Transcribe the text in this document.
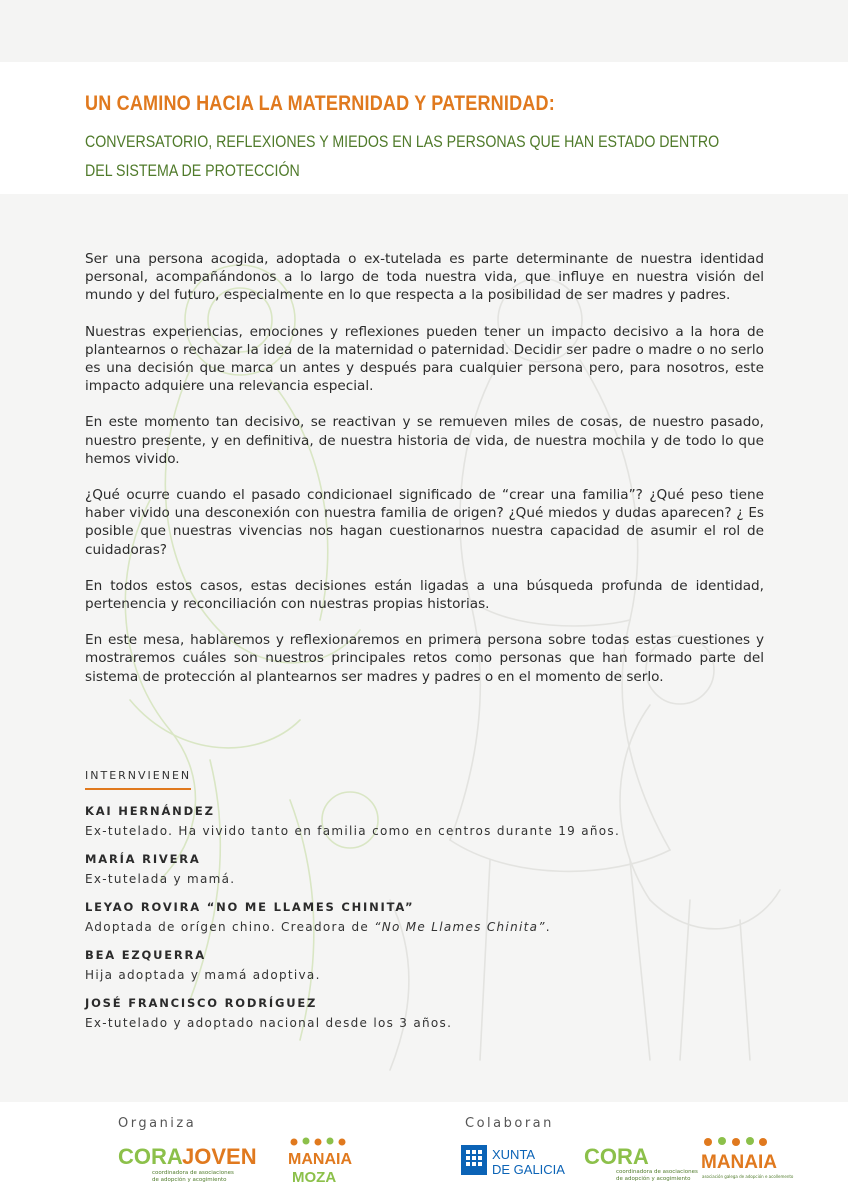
UN CAMINO HACIA LA MATERNIDAD Y PATERNIDAD:
CONVERSATORIO, REFLEXIONES Y MIEDOS EN LAS PERSONAS QUE HAN ESTADO DENTRO DEL SISTEMA DE PROTECCIÓN

Ser una persona acogida, adoptada o ex-tutelada es parte determinante de nuestra identidad personal, acompañándonos a lo largo de toda nuestra vida, que influye en nuestra visión del mundo y del futuro, especialmente en lo que respecta a la posibilidad de ser madres y padres.

Nuestras experiencias, emociones y reflexiones pueden tener un impacto decisivo a la hora de plantearnos o rechazar la idea de la maternidad o paternidad. Decidir ser padre o madre o no serlo es una decisión que marca un antes y después para cualquier persona pero, para nosotros, este impacto adquiere una relevancia especial.

En este momento tan decisivo, se reactivan y se remueven miles de cosas, de nuestro pasado, nuestro presente, y en definitiva, de nuestra historia de vida, de nuestra mochila y de todo lo que hemos vivido.

¿Qué ocurre cuando el pasado condicionael significado de “crear una familia”? ¿Qué peso tiene haber vivido una desconexión con nuestra familia de origen? ¿Qué miedos y dudas aparecen? ¿ Es posible que nuestras vivencias nos hagan cuestionarnos nuestra capacidad de asumir el rol de cuidadoras?

En todos estos casos, estas decisiones están ligadas a una búsqueda profunda de identidad, pertenencia y reconciliación con nuestras propias historias.

En este mesa, hablaremos y reflexionaremos en primera persona sobre todas estas cuestiones y mostraremos cuáles son nuestros principales retos como personas que han formado parte del sistema de protección al plantearnos ser madres y padres o en el momento de serlo.

INTERNVIENEN
KAI HERNÁNDEZ
Ex-tutelado. Ha vivido tanto en familia como en centros durante 19 años.
MARÍA RIVERA
Ex-tutelada y mamá.
LEYAO ROVIRA “NO ME LLAMES CHINITA”
Adoptada de orígen chino. Creadora de “No Me Llames Chinita”.
BEA EZQUERRA
Hija adoptada y mamá adoptiva.
JOSÉ FRANCISCO RODRÍGUEZ
Ex-tutelado y adoptado nacional desde los 3 años.
Organiza	Colaboran
CORA JOVEN
coordinadora de asociaciones
de adopción y acogimiento
MANAIA
MOZA
XUNTA
DE GALICIA
CORA
coordinadora de asociaciones
de adopción y acogimiento
MANAIA
asociación galega de adopción e acollemento
